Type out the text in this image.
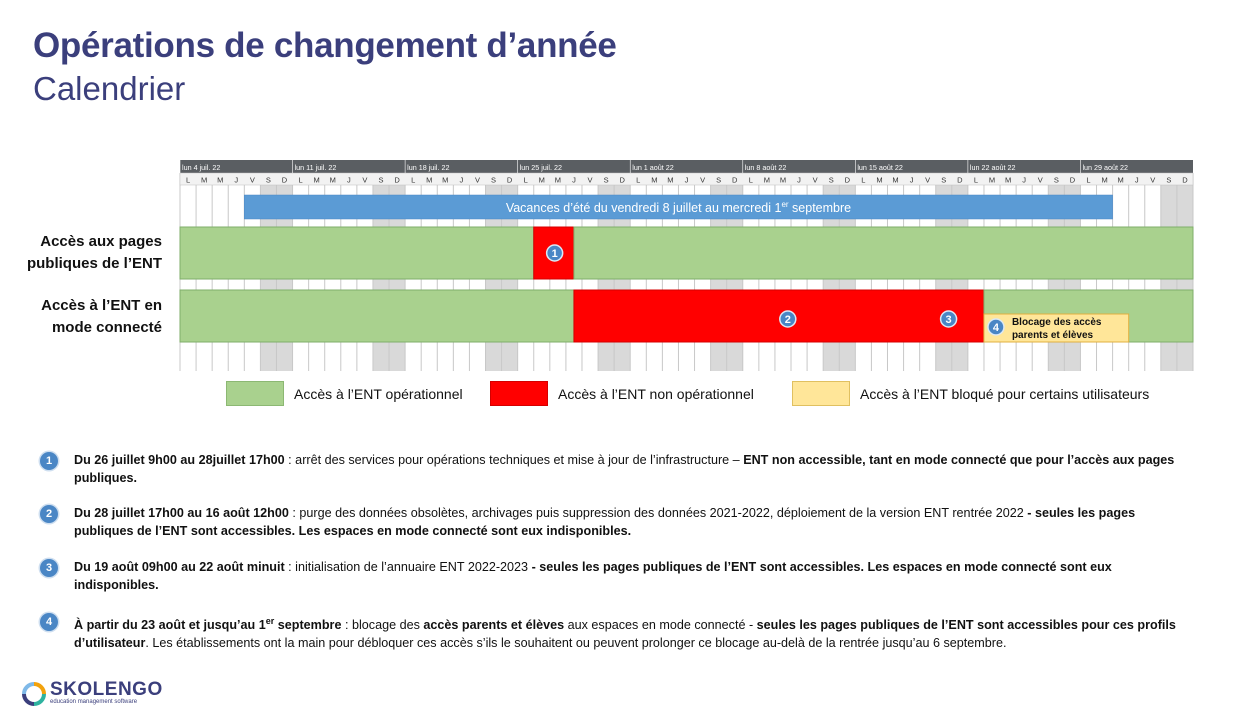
Opérations de changement d’année
Calendrier
lun 4 juil. 22	lun 11 juil. 22	lun 18 juil. 22	lun 25 juil. 22	lun 1 août 22	lun 8 août 22	lun 15 août 22	lun 22 août 22	lun 29 août 22
L M M J V S D L M M J V S D L M M J V S D L M M J V S D L M M J V S D L M M J V S D L M M J V S D L M M J V S D L M M J V S D
Vacances d’été du vendredi 8 juillet au mercredi 1er septembre
1
4 Blocage des accès
parents et élèves
2	3
Accès aux pages
publiques de l’ENT
Accès à l’ENT en
mode connecté
Accès à l’ENT opérationnel	Accès à l’ENT non opérationnel	Accès à l’ENT bloqué pour certains utilisateurs
1	Du 26 juillet 9h00 au 28juillet 17h00 : arrêt des services pour opérations techniques et mise à jour de l’infrastructure – ENT non accessible, tant en mode connecté que pour l’accès aux pages publiques.
2	Du 28 juillet 17h00 au 16 août 12h00 : purge des données obsolètes, archivages puis suppression des données 2021-2022, déploiement de la version ENT rentrée 2022 - seules les pages publiques de l’ENT sont accessibles. Les espaces en mode connecté sont eux indisponibles.
3	Du 19 août 09h00 au 22 août minuit : initialisation de l’annuaire ENT 2022-2023 - seules les pages publiques de l’ENT sont accessibles. Les espaces en mode connecté sont eux indisponibles.
4	À partir du 23 août et jusqu’au 1er septembre : blocage des accès parents et élèves aux espaces en mode connecté - seules les pages publiques de l’ENT sont accessibles pour ces profils d’utilisateur. Les établissements ont la main pour débloquer ces accès s’ils le souhaitent ou peuvent prolonger ce blocage au-delà de la rentrée jusqu’au 6 septembre.
SKOLENGO
education management software
